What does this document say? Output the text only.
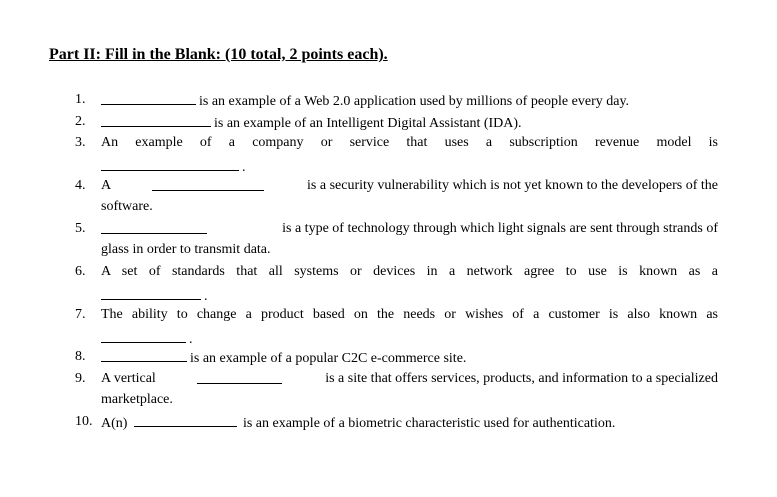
Part II: Fill in the Blank: (10 total, 2 points each).
1.	is an example of a Web 2.0 application used by millions of people every day.
2.	is an example of an Intelligent Digital Assistant (IDA).
3. An example of a company or service that uses a subscription revenue model is
.
4. A	is a security vulnerability which is not yet known to the developers of the
software.
5.	is a type of technology through which light signals are sent through strands of
glass in order to transmit data.
6. A set of standards that all systems or devices in a network agree to use is known as a
.
7. The ability to change a product based on the needs or wishes of a customer is also known as
.
8.	is an example of a popular C2C e-commerce site.
9. A vertical	is a site that offers services, products, and information to a specialized
marketplace.
10. A(n)	is an example of a biometric characteristic used for authentication.
